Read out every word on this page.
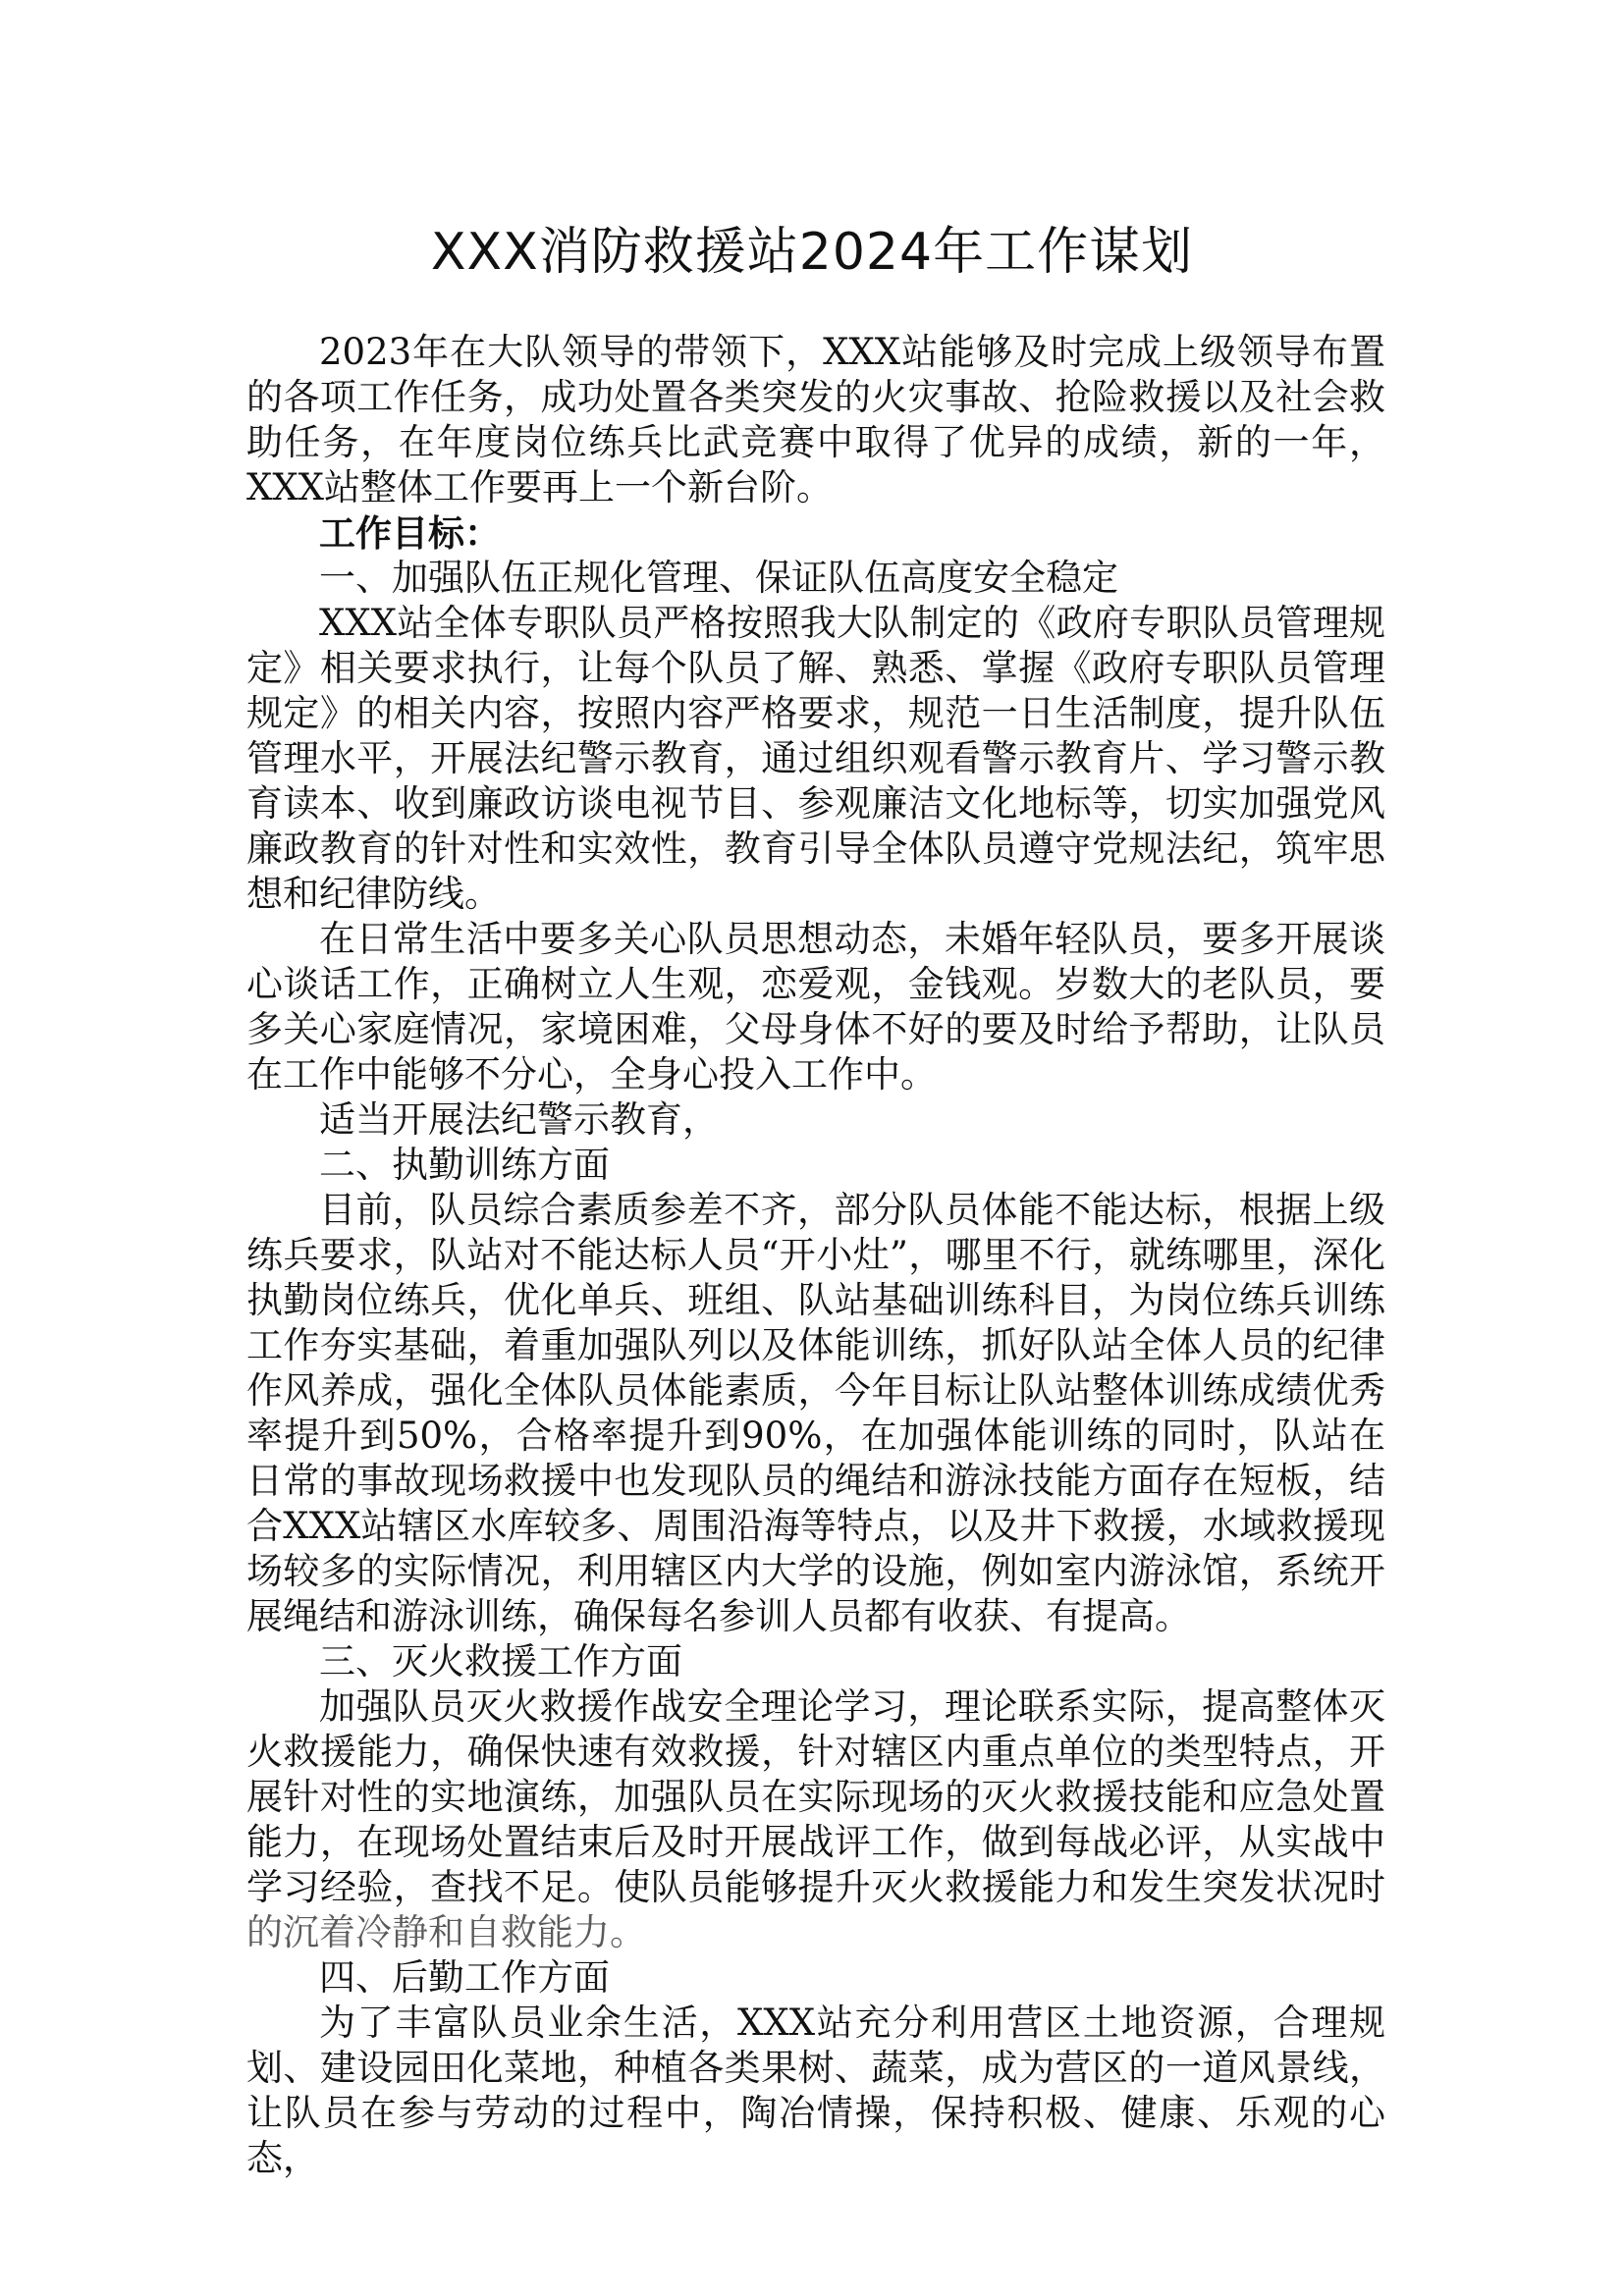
XXX消防救援站2024年工作谋划

2023年在大队领导的带领下，XXX站能够及时完成上级领导布置的各项工作任务，成功处置各类突发的火灾事故、抢险救援以及社会救助任务，在年度岗位练兵比武竞赛中取得了优异的成绩，新的一年，XXX站整体工作要再上一个新台阶。

工作目标：

一、加强队伍正规化管理、保证队伍高度安全稳定

XXX站全体专职队员严格按照我大队制定的《政府专职队员管理规定》相关要求执行，让每个队员了解、熟悉、掌握《政府专职队员管理规定》的相关内容，按照内容严格要求，规范一日生活制度，提升队伍管理水平，开展法纪警示教育，通过组织观看警示教育片、学习警示教育读本、收到廉政访谈电视节目、参观廉洁文化地标等，切实加强党风廉政教育的针对性和实效性，教育引导全体队员遵守党规法纪，筑牢思想和纪律防线。

在日常生活中要多关心队员思想动态，未婚年轻队员，要多开展谈心谈话工作，正确树立人生观，恋爱观，金钱观。岁数大的老队员，要多关心家庭情况，家境困难，父母身体不好的要及时给予帮助，让队员在工作中能够不分心，全身心投入工作中。

适当开展法纪警示教育，

二、执勤训练方面

目前，队员综合素质参差不齐，部分队员体能不能达标，根据上级练兵要求，队站对不能达标人员“开小灶”，哪里不行，就练哪里，深化执勤岗位练兵，优化单兵、班组、队站基础训练科目，为岗位练兵训练工作夯实基础，着重加强队列以及体能训练，抓好队站全体人员的纪律作风养成，强化全体队员体能素质，今年目标让队站整体训练成绩优秀率提升到50%，合格率提升到90%，在加强体能训练的同时，队站在日常的事故现场救援中也发现队员的绳结和游泳技能方面存在短板，结合XXX站辖区水库较多、周围沿海等特点，以及井下救援，水域救援现场较多的实际情况，利用辖区内大学的设施，例如室内游泳馆，系统开展绳结和游泳训练，确保每名参训人员都有收获、有提高。

三、灭火救援工作方面

加强队员灭火救援作战安全理论学习，理论联系实际，提高整体灭火救援能力，确保快速有效救援，针对辖区内重点单位的类型特点，开展针对性的实地演练，加强队员在实际现场的灭火救援技能和应急处置能力，在现场处置结束后及时开展战评工作，做到每战必评，从实战中学习经验，查找不足。使队员能够提升灭火救援能力和发生突发状况时的沉着冷静和自救能力。

四、后勤工作方面

为了丰富队员业余生活，XXX站充分利用营区土地资源，合理规划、建设园田化菜地，种植各类果树、蔬菜，成为营区的一道风景线，让队员在参与劳动的过程中，陶冶情操，保持积极、健康、乐观的心态，
